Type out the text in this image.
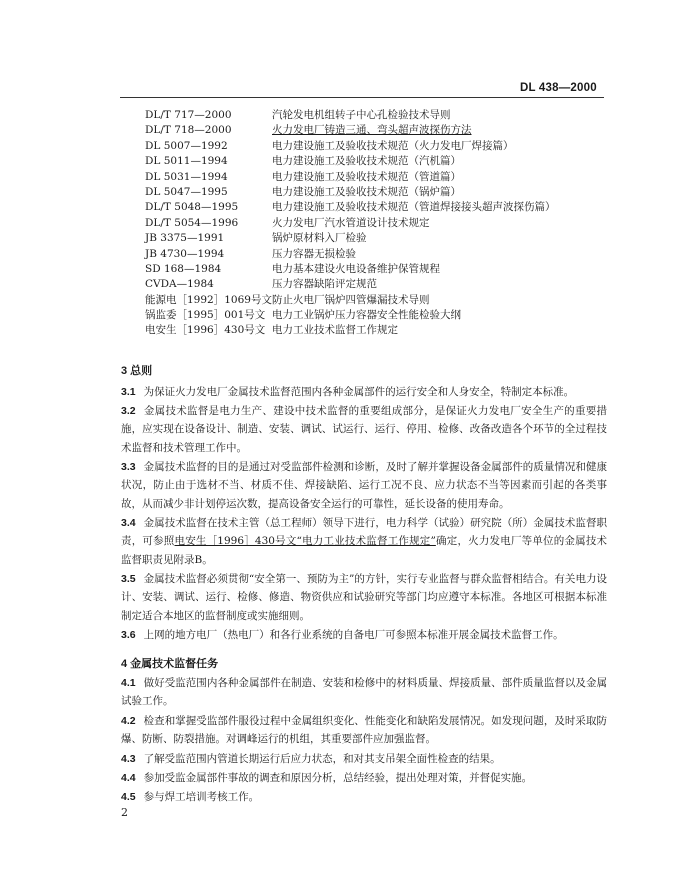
DL 438—2000
DL/T 717—2000	汽轮发电机组转子中心孔检验技术导则
DL/T 718—2000	火力发电厂铸造三通、弯头超声波探伤方法
DL 5007—1992	电力建设施工及验收技术规范（火力发电厂焊接篇）
DL 5011—1994	电力建设施工及验收技术规范（汽机篇）
DL 5031—1994	电力建设施工及验收技术规范（管道篇）
DL 5047—1995	电力建设施工及验收技术规范（锅炉篇）
DL/T 5048—1995	电力建设施工及验收技术规范（管道焊接接头超声波探伤篇）
DL/T 5054—1996	火力发电厂汽水管道设计技术规定
JB 3375—1991	锅炉原材料入厂检验
JB 4730—1994	压力容器无损检验
SD 168—1984	电力基本建设火电设备维护保管规程
CVDA—1984	压力容器缺陷评定规范
能源电［1992］1069号文 防止火电厂锅炉四管爆漏技术导则
锅监委［1995］001号文 电力工业锅炉压力容器安全性能检验大纲
电安生［1996］430号文 电力工业技术监督工作规定
3 总则
3.1 为保证火力发电厂金属技术监督范围内各种金属部件的运行安全和人身安全，特制定本标准。
3.2 金属技术监督是电力生产、建设中技术监督的重要组成部分，是保证火力发电厂安全生产的重要措施，应实现在设备设计、制造、安装、调试、试运行、运行、停用、检修、改备改造各个环节的全过程技术监督和技术管理工作中。
3.3 金属技术监督的目的是通过对受监部件检测和诊断，及时了解并掌握设备金属部件的质量情况和健康状况，防止由于选材不当、材质不佳、焊接缺陷、运行工况不良、应力状态不当等因素而引起的各类事故，从而减少非计划停运次数，提高设备安全运行的可靠性，延长设备的使用寿命。
3.4 金属技术监督在技术主管（总工程师）领导下进行，电力科学（试验）研究院（所）金属技术监督职责，可参照电安生［1996］430号文“电力工业技术监督工作规定”确定，火力发电厂等单位的金属技术监督职责见附录B。
3.5 金属技术监督必须贯彻“安全第一、预防为主”的方针，实行专业监督与群众监督相结合。有关电力设计、安装、调试、运行、检修、修造、物资供应和试验研究等部门均应遵守本标准。各地区可根据本标准制定适合本地区的监督制度或实施细则。
3.6 上网的地方电厂（热电厂）和各行业系统的自备电厂可参照本标准开展金属技术监督工作。
4 金属技术监督任务
4.1 做好受监范围内各种金属部件在制造、安装和检修中的材料质量、焊接质量、部件质量监督以及金属试验工作。
4.2 检查和掌握受监部件服役过程中金属组织变化、性能变化和缺陷发展情况。如发现问题，及时采取防爆、防断、防裂措施。对调峰运行的机组，其重要部件应加强监督。
4.3 了解受监范围内管道长期运行后应力状态，和对其支吊架全面性检查的结果。
4.4 参加受监金属部件事故的调查和原因分析，总结经验，提出处理对策，并督促实施。
4.5 参与焊工培训考核工作。
2
